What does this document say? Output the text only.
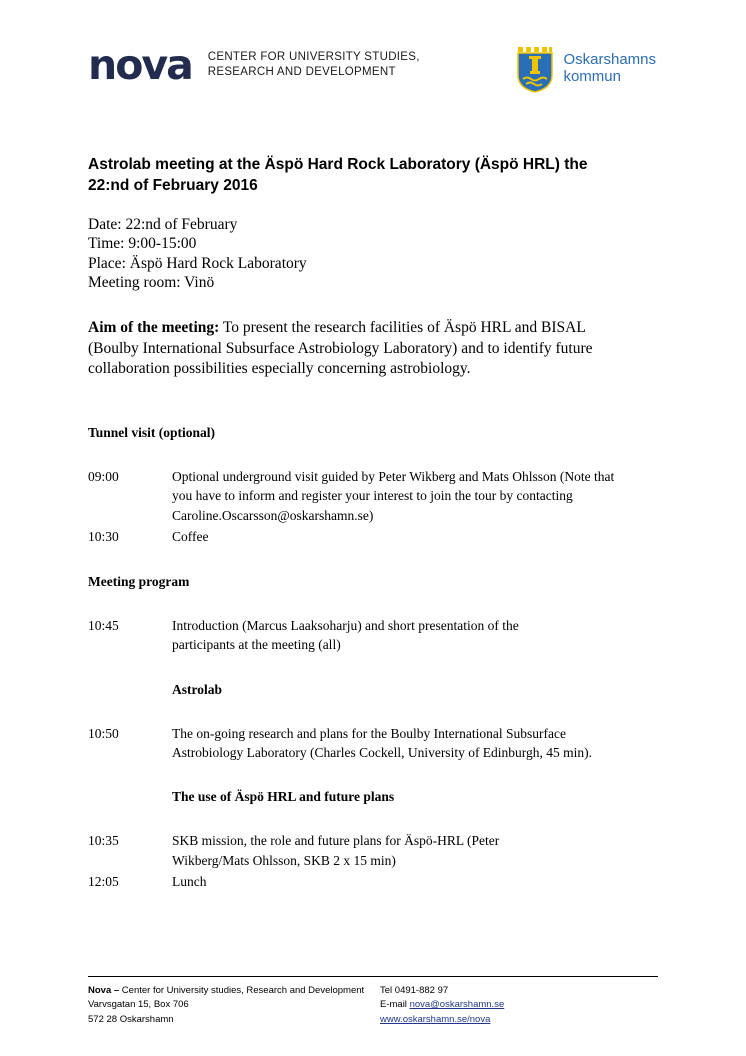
nova CENTER FOR UNIVERSITY STUDIES,
RESEARCH AND DEVELOPMENT
Oskarshamns
kommun
Astrolab meeting at the Äspö Hard Rock Laboratory (Äspö HRL) the 22:nd of February 2016
Date: 22:nd of February
Time: 9:00-15:00
Place: Äspö Hard Rock Laboratory
Meeting room: Vinö

Aim of the meeting: To present the research facilities of Äspö HRL and BISAL (Boulby International Subsurface Astrobiology Laboratory) and to identify future collaboration possibilities especially concerning astrobiology.

Tunnel visit (optional)
09:00	Optional underground visit guided by Peter Wikberg and Mats Ohlsson (Note that you have to inform and register your interest to join the tour by contacting Caroline.Oscarsson@oskarshamn.se)
10:30	Coffee
Meeting program
10:45	Introduction (Marcus Laaksoharju) and short presentation of the participants at the meeting (all)
Astrolab
10:50	The on-going research and plans for the Boulby International Subsurface Astrobiology Laboratory (Charles Cockell, University of Edinburgh, 45 min).
The use of Äspö HRL and future plans
10:35	SKB mission, the role and future plans for Äspö-HRL (Peter Wikberg/Mats Ohlsson, SKB 2 x 15 min)
12:05	Lunch
Nova – Center for University studies, Research and Development
Varvsgatan 15, Box 706
572 28 Oskarshamn
Tel 0491-882 97
E-mail nova@oskarshamn.se
www.oskarshamn.se/nova
